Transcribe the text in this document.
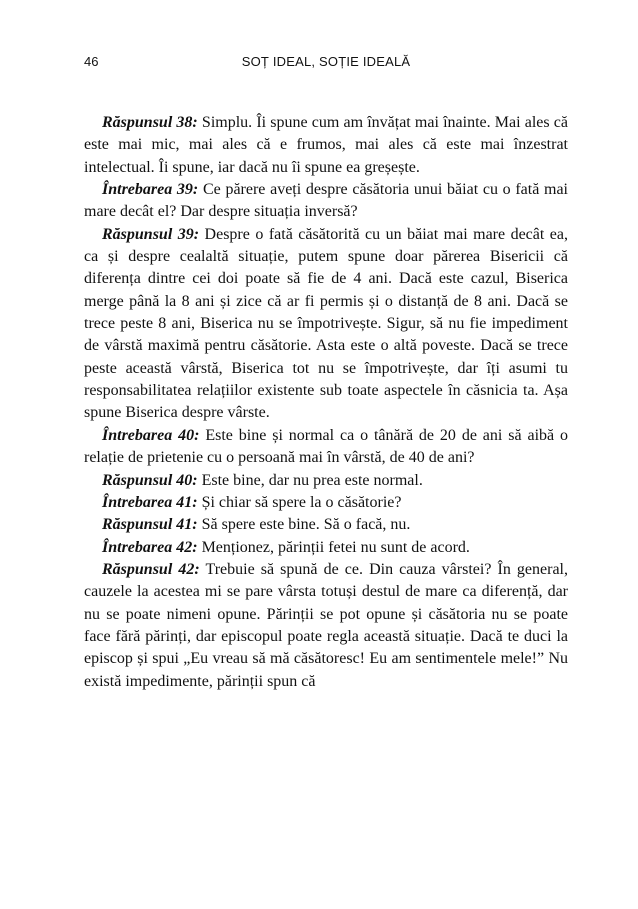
46	SOȚ IDEAL, SOȚIE IDEALĂ

Răspunsul 38: Simplu. Îi spune cum am învățat mai înainte. Mai ales că este mai mic, mai ales că e frumos, mai ales că este mai înzestrat intelectual. Îi spune, iar dacă nu îi spune ea greșește.

Întrebarea 39: Ce părere aveți despre căsătoria unui băiat cu o fată mai mare decât el? Dar despre situația inversă?

Răspunsul 39: Despre o fată căsătorită cu un băiat mai mare decât ea, ca și despre cealaltă situație, putem spune doar părerea Bisericii că diferența dintre cei doi poate să fie de 4 ani. Dacă este cazul, Biserica merge până la 8 ani și zice că ar fi permis și o distanță de 8 ani. Dacă se trece peste 8 ani, Biserica nu se împotrivește. Sigur, să nu fie impediment de vârstă maximă pentru căsătorie. Asta este o altă poveste. Dacă se trece peste această vârstă, Biserica tot nu se împotrivește, dar îți asumi tu responsabilitatea relațiilor existente sub toate aspectele în căsnicia ta. Așa spune Biserica despre vârste.

Întrebarea 40: Este bine și normal ca o tânără de 20 de ani să aibă o relație de prietenie cu o persoană mai în vârstă, de 40 de ani?

Răspunsul 40: Este bine, dar nu prea este normal.

Întrebarea 41: Și chiar să spere la o căsătorie?

Răspunsul 41: Să spere este bine. Să o facă, nu.

Întrebarea 42: Menționez, părinții fetei nu sunt de acord.

Răspunsul 42: Trebuie să spună de ce. Din cauza vârstei? În general, cauzele la acestea mi se pare vârsta totuși destul de mare ca diferență, dar nu se poate nimeni opune. Părinții se pot opune și căsătoria nu se poate face fără părinți, dar episcopul poate regla această situație. Dacă te duci la episcop și spui „Eu vreau să mă căsătoresc! Eu am sentimentele mele!” Nu există impedimente, părinții spun că
